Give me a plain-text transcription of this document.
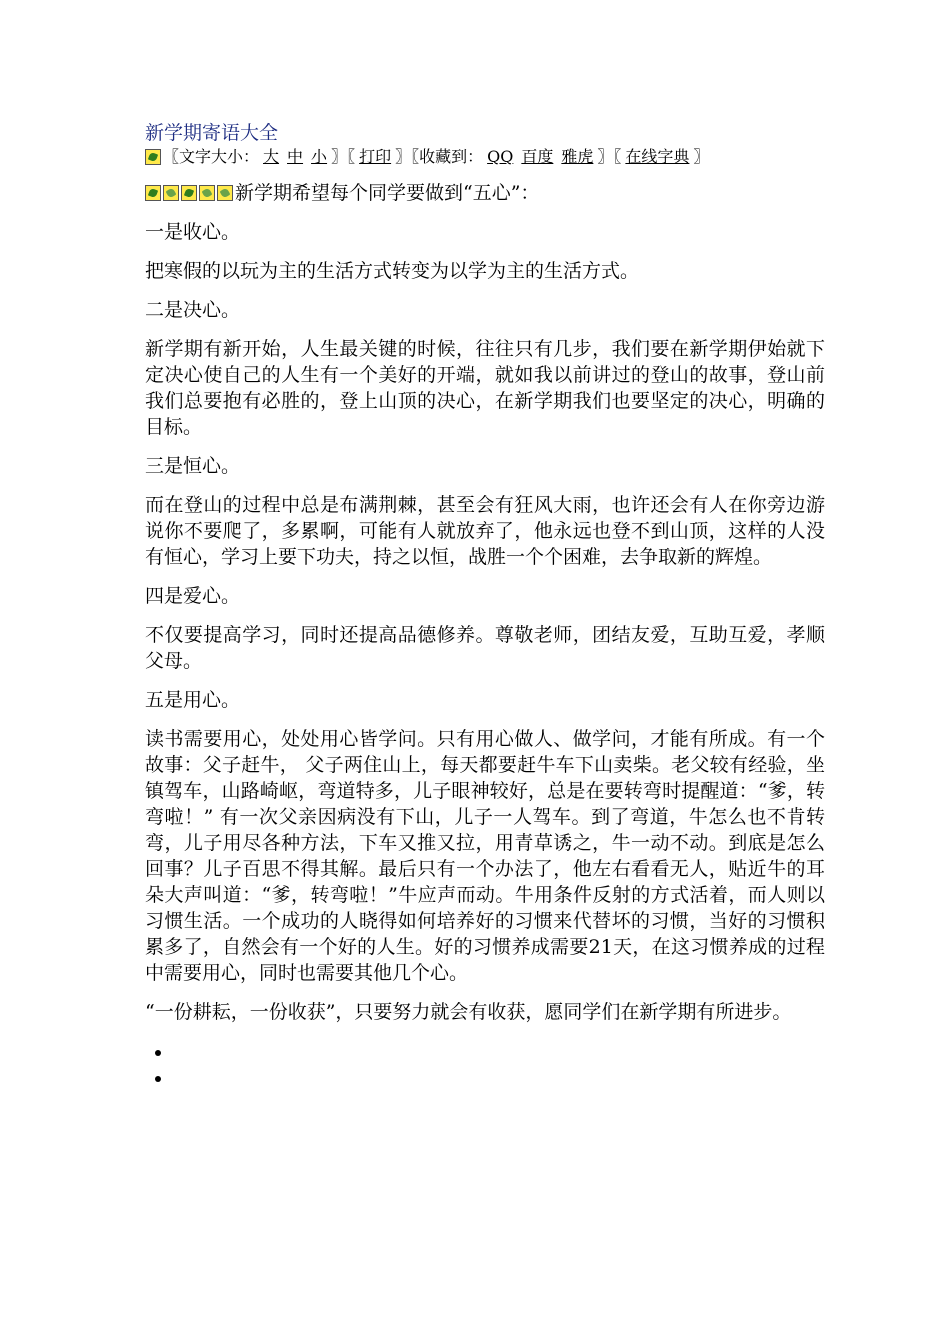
新学期寄语大全
〖文字大小： 大 中 小 〗〖 打印 〗〖收藏到： QQ 百度 雅虎 〗〖 在线字典 〗
新学期希望每个同学要做到“五心”：

一是收心。

把寒假的以玩为主的生活方式转变为以学为主的生活方式。

二是决心。

新学期有新开始，人生最关键的时候，往往只有几步，我们要在新学期伊始就下定决心使自己的人生有一个美好的开端，就如我以前讲过的登山的故事，登山前我们总要抱有必胜的，登上山顶的决心，在新学期我们也要坚定的决心，明确的目标。

三是恒心。

而在登山的过程中总是布满荆棘，甚至会有狂风大雨，也许还会有人在你旁边游说你不要爬了，多累啊，可能有人就放弃了，他永远也登不到山顶，这样的人没有恒心，学习上要下功夫，持之以恒，战胜一个个困难，去争取新的辉煌。

四是爱心。

不仅要提高学习，同时还提高品德修养。尊敬老师，团结友爱，互助互爱，孝顺父母。

五是用心。

读书需要用心，处处用心皆学问。只有用心做人、做学问，才能有所成。有一个故事：父子赶牛， 父子两住山上，每天都要赶牛车下山卖柴。老父较有经验，坐镇驾车，山路崎岖，弯道特多，儿子眼神较好，总是在要转弯时提醒道：“爹，转弯啦！” 有一次父亲因病没有下山，儿子一人驾车。到了弯道，牛怎么也不肯转弯，儿子用尽各种方法，下车又推又拉，用青草诱之，牛一动不动。到底是怎么回事？儿子百思不得其解。最后只有一个办法了，他左右看看无人，贴近牛的耳朵大声叫道：“爹，转弯啦！”牛应声而动。牛用条件反射的方式活着，而人则以习惯生活。一个成功的人晓得如何培养好的习惯来代替坏的习惯，当好的习惯积累多了，自然会有一个好的人生。好的习惯养成需要21天，在这习惯养成的过程中需要用心，同时也需要其他几个心。

“一份耕耘，一份收获”，只要努力就会有收获，愿同学们在新学期有所进步。

•
•
